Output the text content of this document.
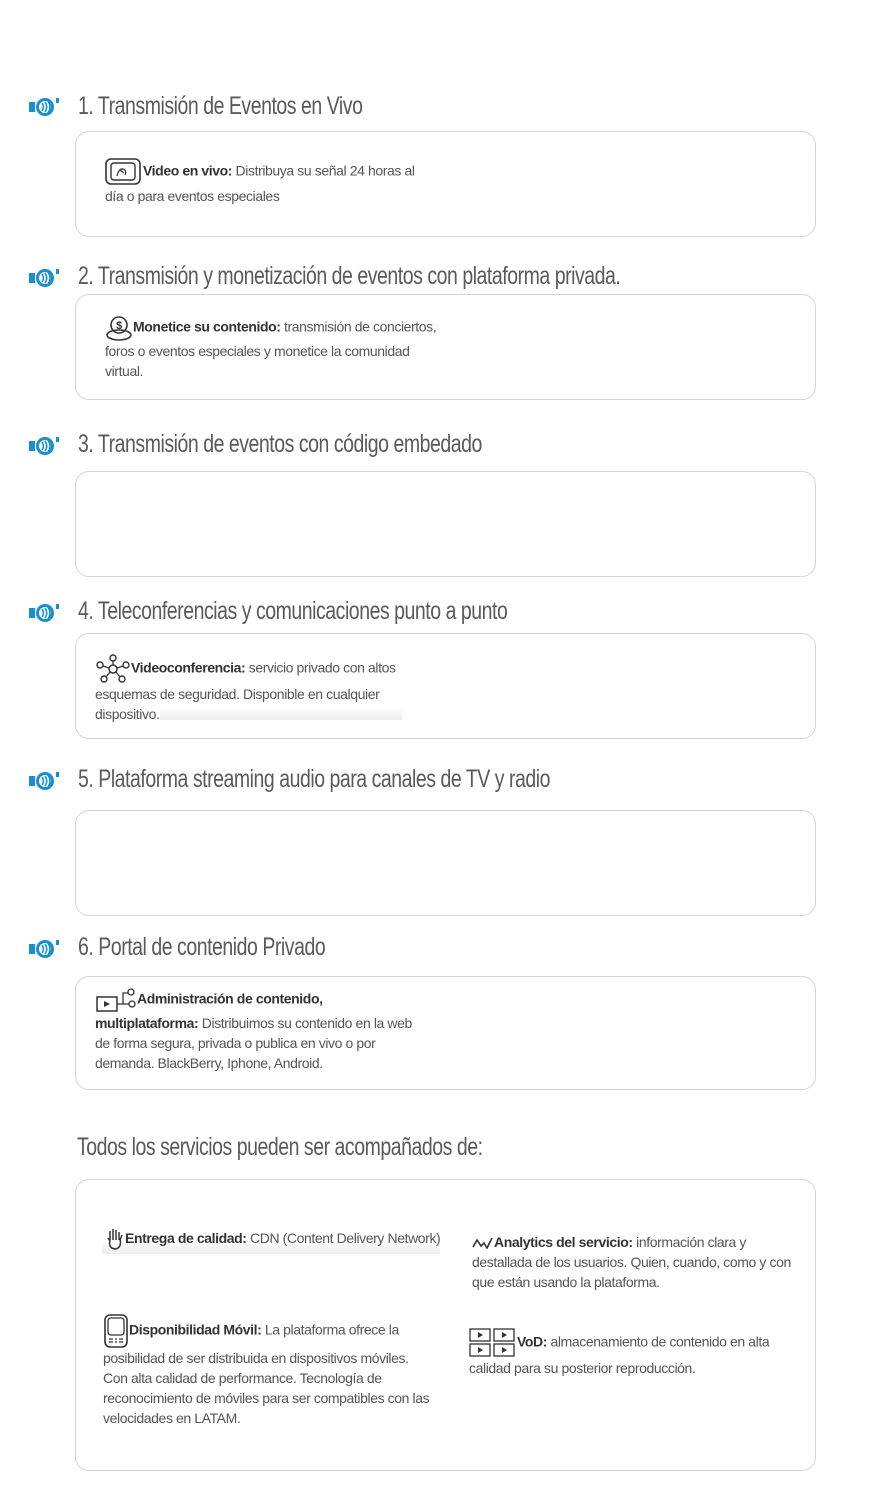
1. Transmisión de Eventos en Vivo
Video en vivo: Distribuya su señal 24 horas al día o para eventos especiales
2. Transmisión y monetización de eventos con plataforma privada.
$ Monetice su contenido: transmisión de conciertos, foros o eventos especiales y monetice la comunidad virtual.
3. Transmisión de eventos con código embedado
4. Teleconferencias y comunicaciones punto a punto
Videoconferencia: servicio privado con altos esquemas de seguridad. Disponible en cualquier dispositivo.
5. Plataforma streaming audio para canales de TV y radio
6. Portal de contenido Privado
Administración de contenido, multiplataforma: Distribuimos su contenido en la web de forma segura, privada o publica en vivo o por demanda. BlackBerry, Iphone, Android.
Todos los servicios pueden ser acompañados de:
Entrega de calidad: CDN (Content Delivery Network)	Analytics del servicio: información clara y destallada de los usuarios. Quien, cuando, como y con que están usando la plataforma.
Disponibilidad Móvil: La plataforma ofrece la posibilidad de ser distribuida en dispositivos móviles. Con alta calidad de performance. Tecnología de reconocimiento de móviles para ser compatibles con las velocidades en LATAM.
VoD: almacenamiento de contenido en alta calidad para su posterior reproducción.
